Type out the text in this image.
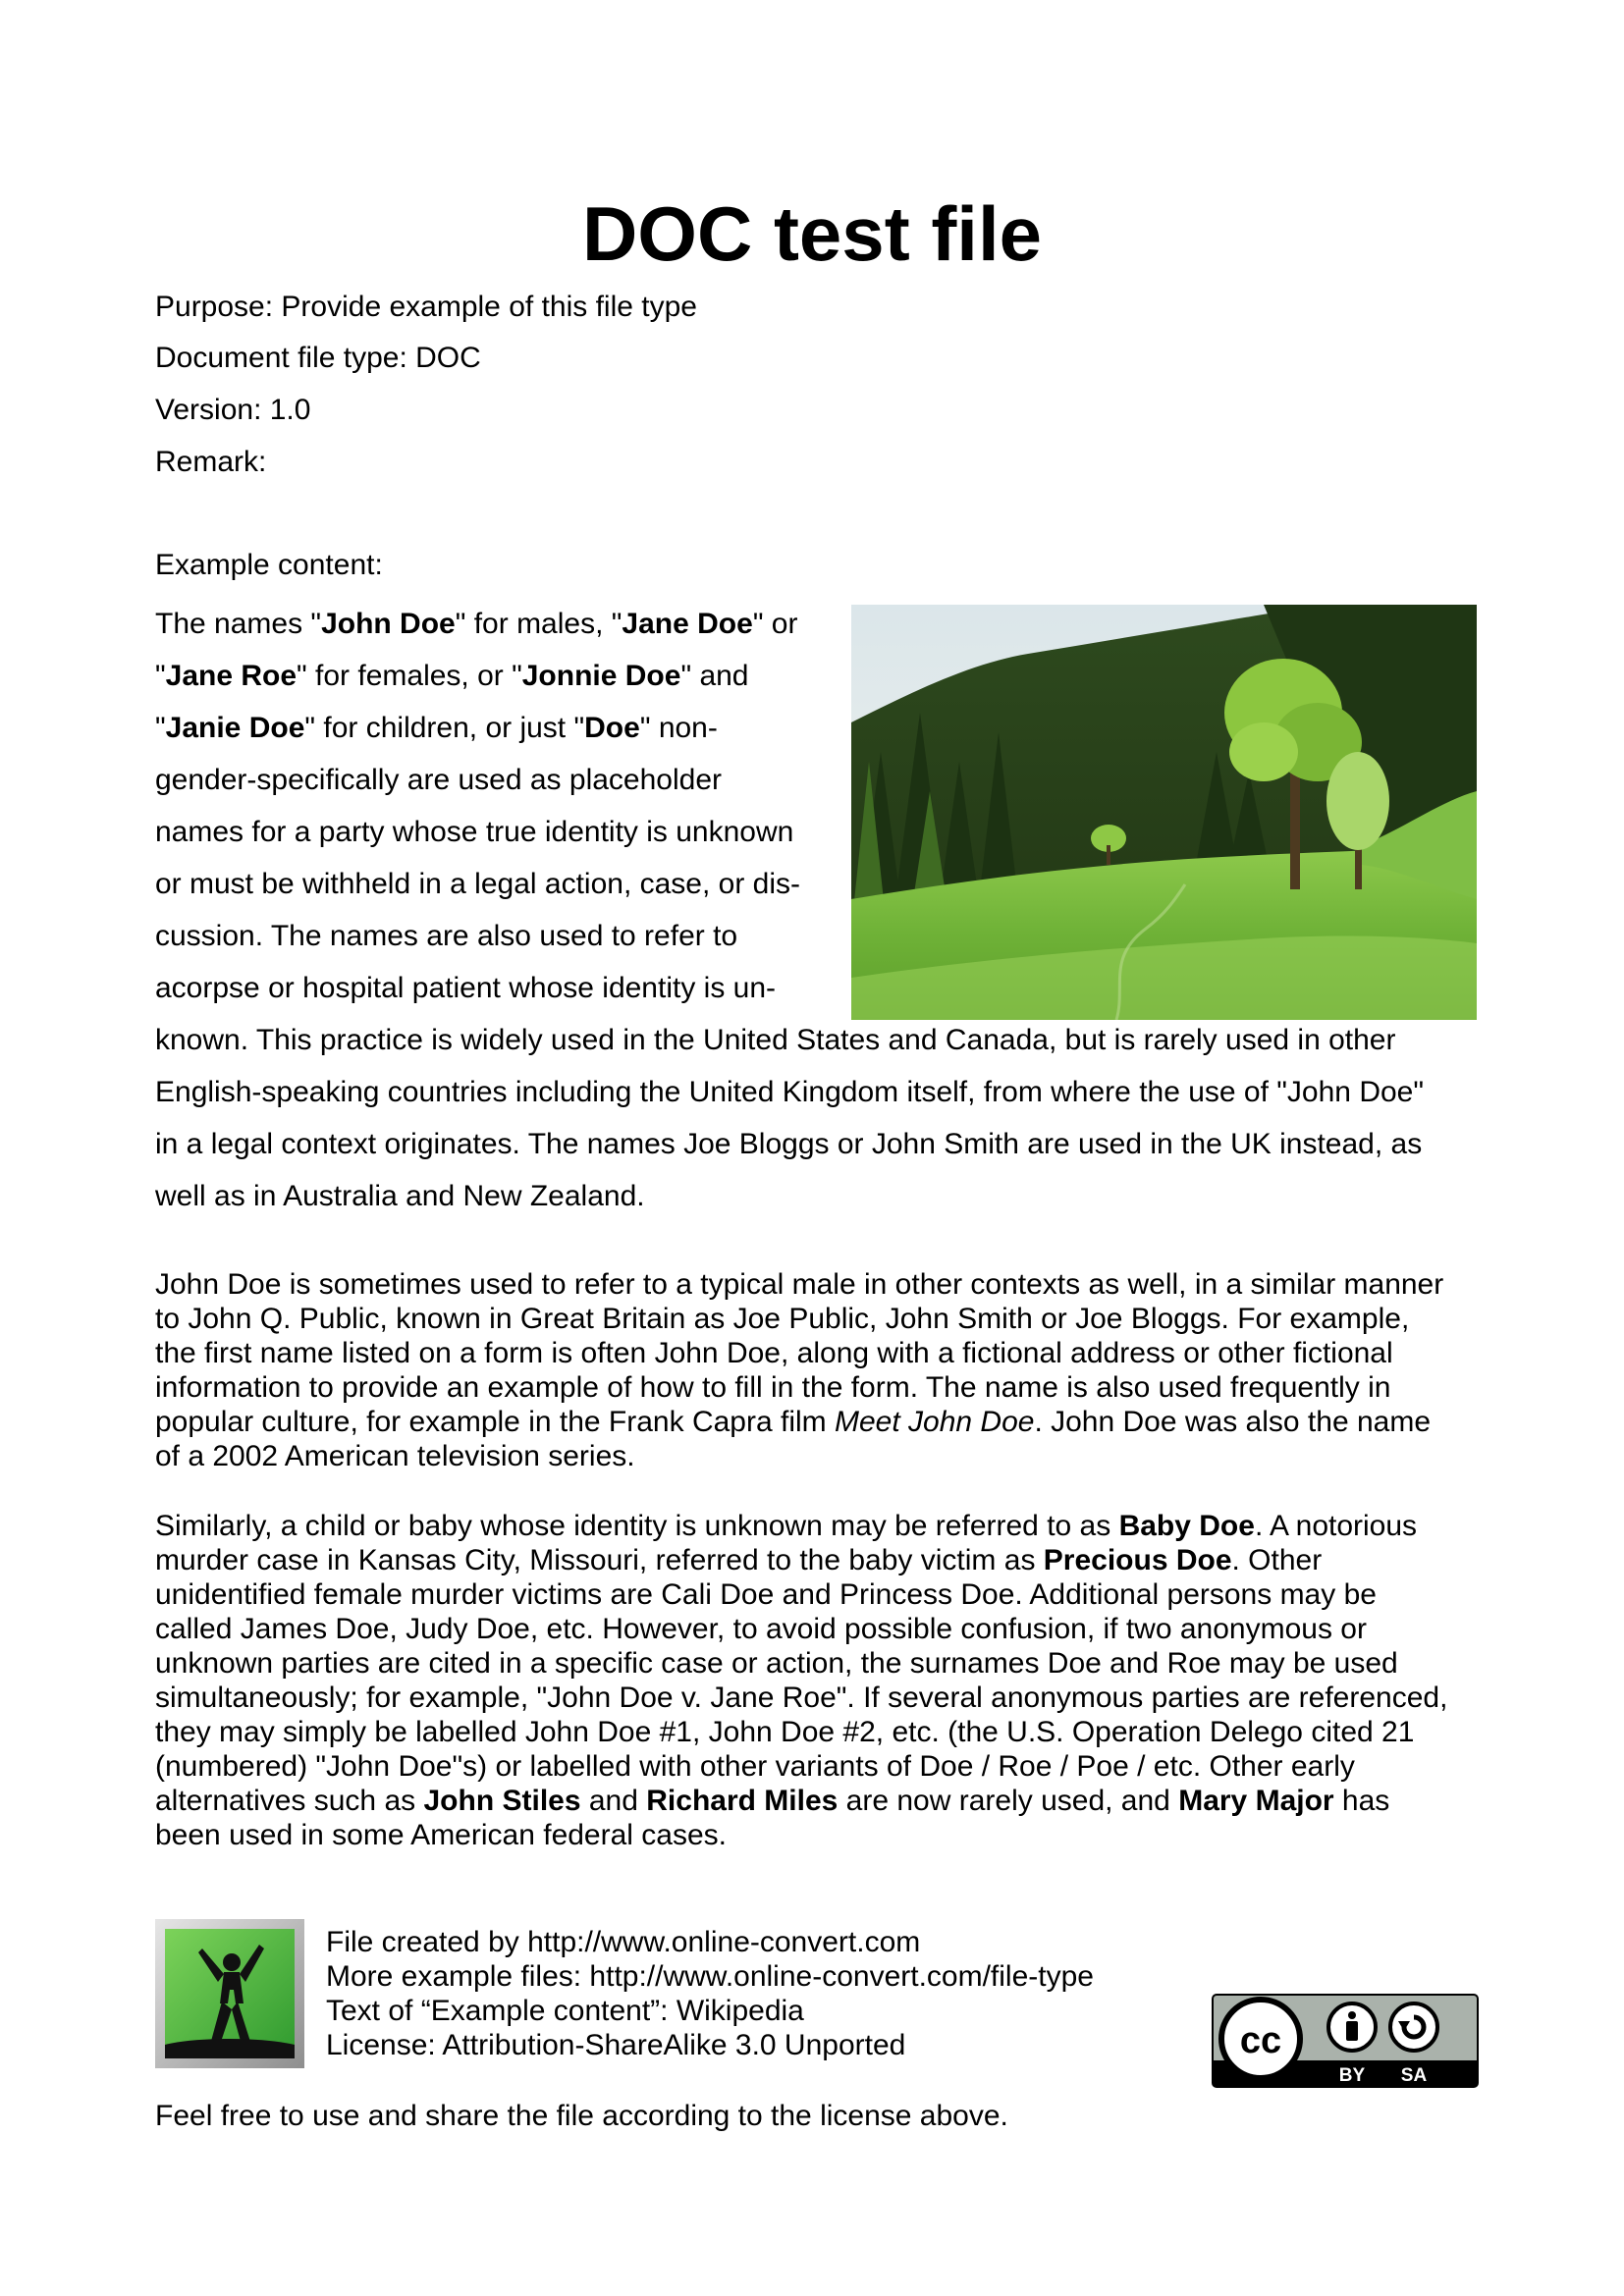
DOC test file
Purpose: Provide example of this file type
Document file type: DOC
Version: 1.0
Remark:
Example content:
The names "John Doe" for males, "Jane Doe" or
"Jane Roe" for females, or "Jonnie Doe" and
"Janie Doe" for children, or just "Doe" non-
gender-specifically are used as placeholder
names for a party whose true identity is unknown
or must be withheld in a legal action, case, or dis-
cussion. The names are also used to refer to
acorpse or hospital patient whose identity is un-
known. This practice is widely used in the United States and Canada, but is rarely used in other
English-speaking countries including the United Kingdom itself, from where the use of "John Doe"
in a legal context originates. The names Joe Bloggs or John Smith are used in the UK instead, as
well as in Australia and New Zealand.
John Doe is sometimes used to refer to a typical male in other contexts as well, in a similar manner
to John Q. Public, known in Great Britain as Joe Public, John Smith or Joe Bloggs. For example,
the first name listed on a form is often John Doe, along with a fictional address or other fictional
information to provide an example of how to fill in the form. The name is also used frequently in
popular culture, for example in the Frank Capra film Meet John Doe. John Doe was also the name
of a 2002 American television series.
Similarly, a child or baby whose identity is unknown may be referred to as Baby Doe. A notorious
murder case in Kansas City, Missouri, referred to the baby victim as Precious Doe. Other
unidentified female murder victims are Cali Doe and Princess Doe. Additional persons may be
called James Doe, Judy Doe, etc. However, to avoid possible confusion, if two anonymous or
unknown parties are cited in a specific case or action, the surnames Doe and Roe may be used
simultaneously; for example, "John Doe v. Jane Roe". If several anonymous parties are referenced,
they may simply be labelled John Doe #1, John Doe #2, etc. (the U.S. Operation Delego cited 21
(numbered) "John Doe"s) or labelled with other variants of Doe / Roe / Poe / etc. Other early
alternatives such as John Stiles and Richard Miles are now rarely used, and Mary Major has
been used in some American federal cases.
File created by http://www.online-convert.com
More example files: http://www.online-convert.com/file-type
Text of “Example content”: Wikipedia
License: Attribution-ShareAlike 3.0 Unported	cc
BY SA
Feel free to use and share the file according to the license above.
